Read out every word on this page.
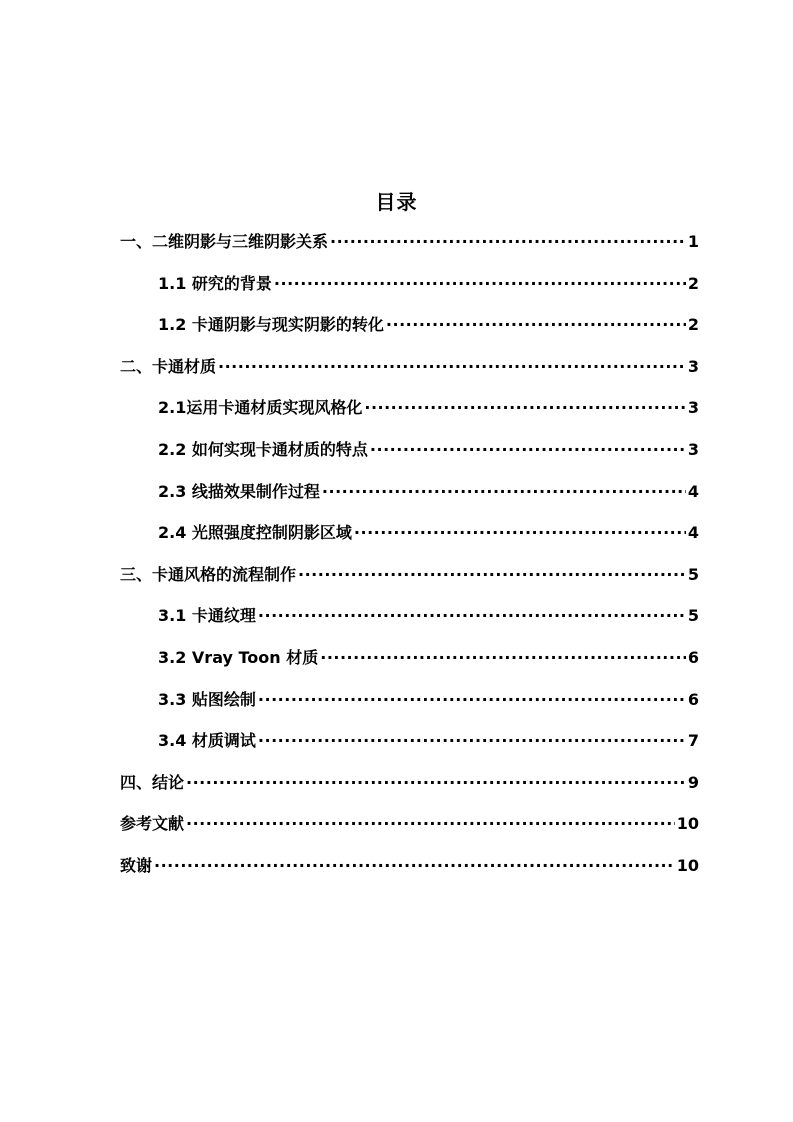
目录
一、二维阴影与三维阴影关系 ·····	1
1.1 研究的背景 ·····	2
1.2 卡通阴影与现实阴影的转化 ·····	2
二、卡通材质 ·····	3
2.1运用卡通材质实现风格化 ·····	3
2.2 如何实现卡通材质的特点 ·····	3
2.3 线描效果制作过程 ·····	4
2.4 光照强度控制阴影区域 ·····	4
三、卡通风格的流程制作 ·····	5
3.1 卡通纹理 ·····	5
3.2 Vray Toon 材质 ·····	6
3.3 贴图绘制 ·····	6
3.4 材质调试 ·····	7
四、结论 ·····	9
参考文献 ·····	10
致谢 ·····	10
